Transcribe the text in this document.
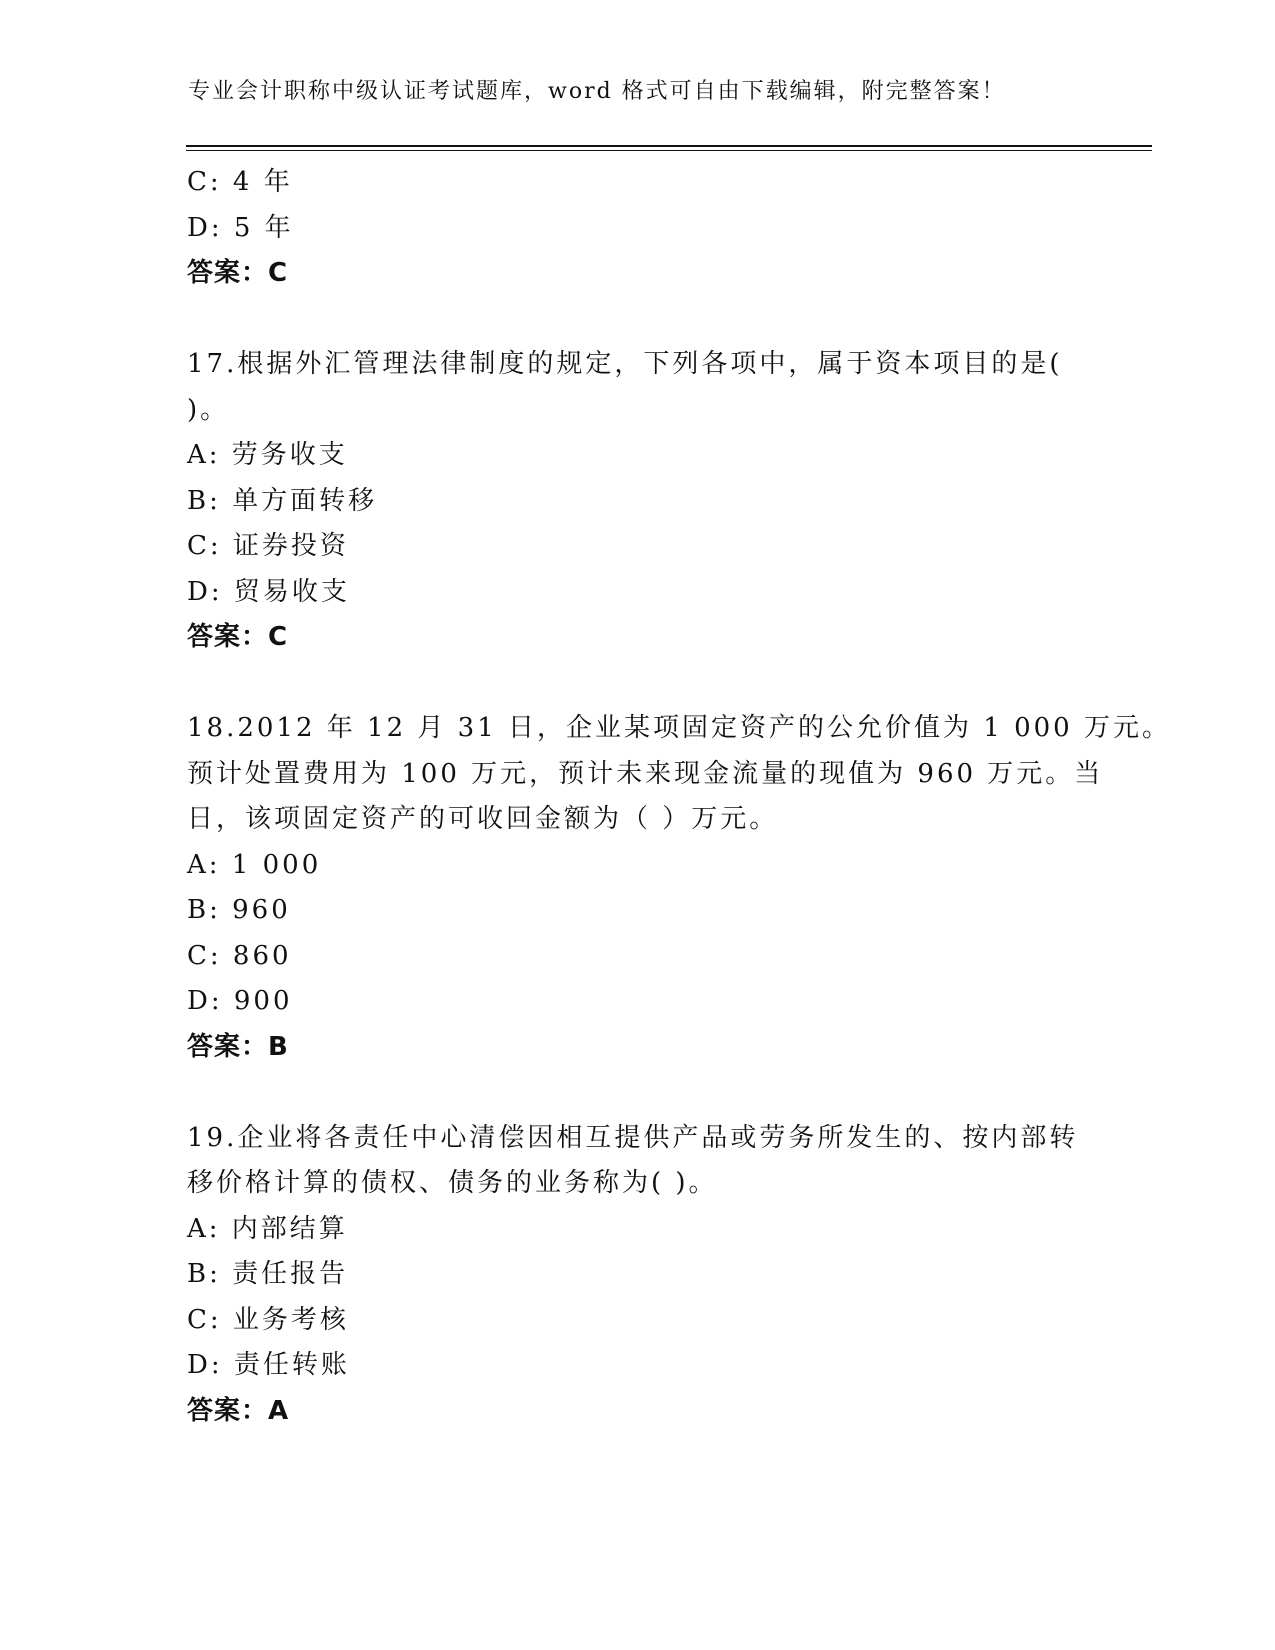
专业会计职称中级认证考试题库，word 格式可自由下载编辑，附完整答案！
C: 4 年
D: 5 年
答案：C
17.根据外汇管理法律制度的规定，下列各项中，属于资本项目的是(
)。
A: 劳务收支
B: 单方面转移
C: 证券投资
D: 贸易收支
答案：C
18.2012 年 12 月 31 日，企业某项固定资产的公允价值为 1 000 万元。
预计处置费用为 100 万元，预计未来现金流量的现值为 960 万元。当
日，该项固定资产的可收回金额为（ ）万元。
A: 1 000
B: 960
C: 860
D: 900
答案：B
19.企业将各责任中心清偿因相互提供产品或劳务所发生的、按内部转
移价格计算的债权、债务的业务称为( )。
A: 内部结算
B: 责任报告
C: 业务考核
D: 责任转账
答案：A
